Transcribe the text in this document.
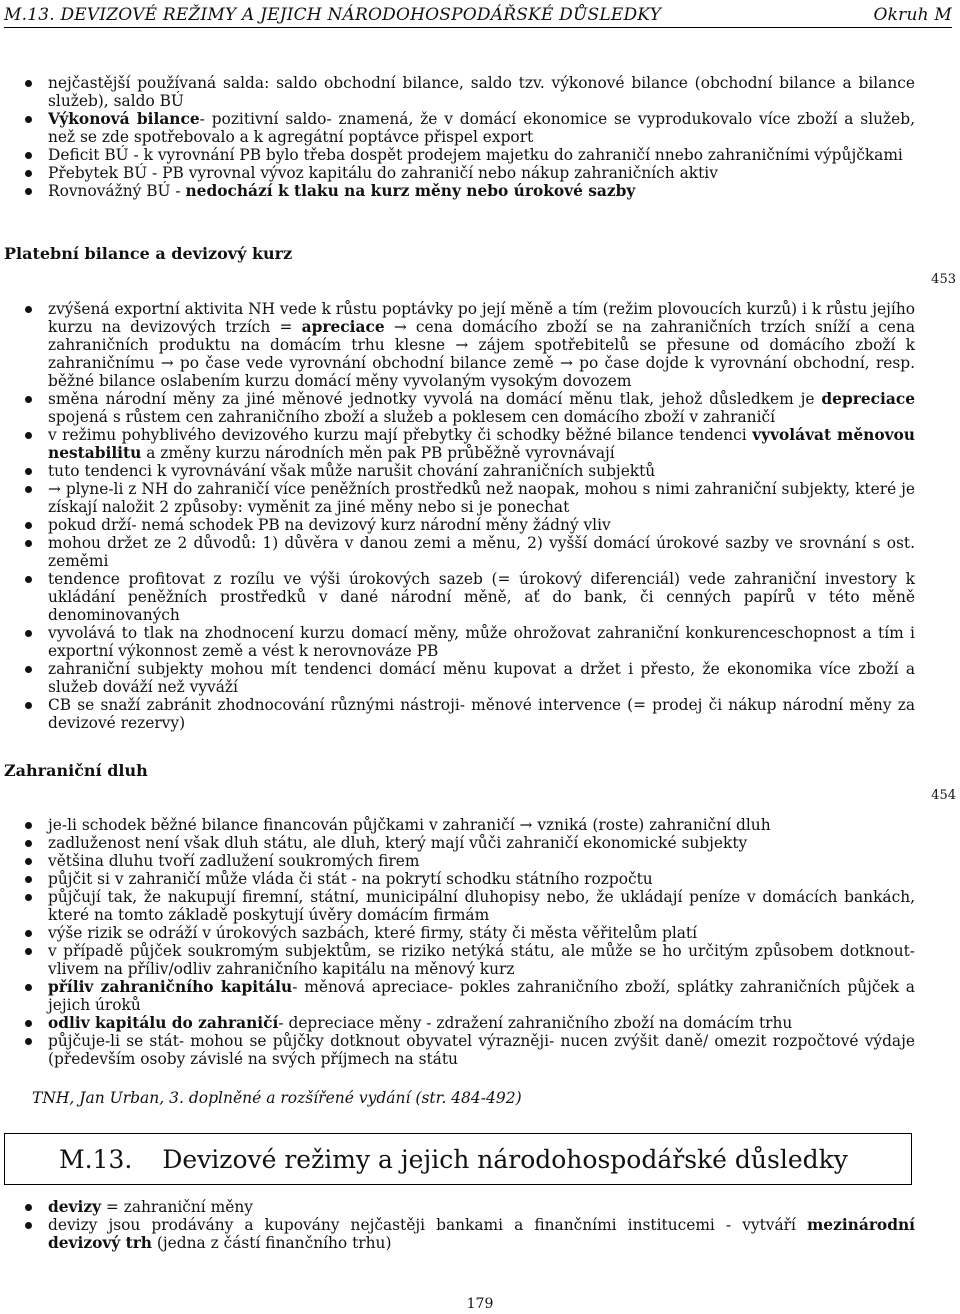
M.13. DEVIZOVÉ REŽIMY A JEJICH NÁRODOHOSPODÁŘSKÉ DŮSLEDKY	Okruh M
nejčastější používaná salda: saldo obchodní bilance, saldo tzv. výkonové bilance (obchodní bilance a bilance služeb), saldo BÚ
Výkonová bilance- pozitivní saldo- znamená, že v domácí ekonomice se vyprodukovalo více zboží a služeb, než se zde spotřebovalo a k agregátní poptávce přispel export
Deficit BÚ - k vyrovnání PB bylo třeba dospět prodejem majetku do zahraničí nnebo zahraničními výpůjčkami
Přebytek BÚ - PB vyrovnal vývoz kapitálu do zahraničí nebo nákup zahraničních aktiv
Rovnovážný BÚ - nedochází k tlaku na kurz měny nebo úrokové sazby
Platební bilance a devizový kurz
453
zvýšená exportní aktivita NH vede k růstu poptávky po její měně a tím (režim plovoucích kurzů) i k růstu jejího kurzu na devizových trzích = apreciace → cena domácího zboží se na zahraničních trzích sníží a cena zahraničních produktu na domácím trhu klesne → zájem spotřebitelů se přesune od domácího zboží k zahraničnímu → po čase vede vyrovnání obchodní bilance země → po čase dojde k vyrovnání obchodní, resp. běžné bilance oslabením kurzu domácí měny vyvolaným vysokým dovozem
směna národní měny za jiné měnové jednotky vyvolá na domácí měnu tlak, jehož důsledkem je depreciace spojená s růstem cen zahraničního zboží a služeb a poklesem cen domácího zboží v zahraničí
v režimu pohyblivého devizového kurzu mají přebytky či schodky běžné bilance tendenci vyvolávat měnovou nestabilitu a změny kurzu národních měn pak PB průběžně vyrovnávají
tuto tendenci k vyrovnávání však může narušit chování zahraničních subjektů
→ plyne-li z NH do zahraničí více peněžních prostředků než naopak, mohou s nimi zahraniční subjekty, které je získají naložit 2 způsoby: vyměnit za jiné měny nebo si je ponechat
pokud drží- nemá schodek PB na devizový kurz národní měny žádný vliv
mohou držet ze 2 důvodů: 1) důvěra v danou zemi a měnu, 2) vyšší domácí úrokové sazby ve srovnání s ost. zeměmi
tendence profitovat z rozílu ve výši úrokových sazeb (= úrokový diferenciál) vede zahraniční investory k ukládání peněžních prostředků v dané národní měně, ať do bank, či cenných papírů v této měně denominovaných
vyvolává to tlak na zhodnocení kurzu domací měny, může ohrožovat zahraniční konkurenceschopnost a tím i exportní výkonnost země a vést k nerovnováze PB
zahraniční subjekty mohou mít tendenci domácí měnu kupovat a držet i přesto, že ekonomika více zboží a služeb dováží než vyváží
CB se snaží zabránit zhodnocování různými nástroji- měnové intervence (= prodej či nákup národní měny za devizové rezervy)
Zahraniční dluh
454
je-li schodek běžné bilance financován půjčkami v zahraničí → vzniká (roste) zahraniční dluh
zadluženost není však dluh státu, ale dluh, který mají vůči zahraničí ekonomické subjekty
většina dluhu tvoří zadlužení soukromých firem
půjčit si v zahraničí může vláda či stát - na pokrytí schodku státního rozpočtu
půjčují tak, že nakupují firemní, státní, municipální dluhopisy nebo, že ukládají peníze v domácích bankách, které na tomto základě poskytují úvěry domácím firmám
výše rizik se odráží v úrokových sazbách, které firmy, státy či města věřitelům platí
v případě půjček soukromým subjektům, se riziko netýká státu, ale může se ho určitým způsobem dotknout- vlivem na příliv/odliv zahraničního kapitálu na měnový kurz
příliv zahraničního kapitálu- měnová apreciace- pokles zahraničního zboží, splátky zahraničních půjček a jejich úroků
odliv kapitálu do zahraničí- depreciace měny - zdražení zahraničního zboží na domácím trhu
půjčuje-li se stát- mohou se půjčky dotknout obyvatel výrazněji- nucen zvýšit daně/ omezit rozpočtové výdaje (především osoby závislé na svých příjmech na státu
TNH, Jan Urban, 3. doplněné a rozšířené vydání (str. 484-492)
M.13. Devizové režimy a jejich národohospodářské důsledky
devizy = zahraniční měny
devizy jsou prodávány a kupovány nejčastěji bankami a finančními institucemi - vytváří mezinárodní devizový trh (jedna z částí finančního trhu)
179
